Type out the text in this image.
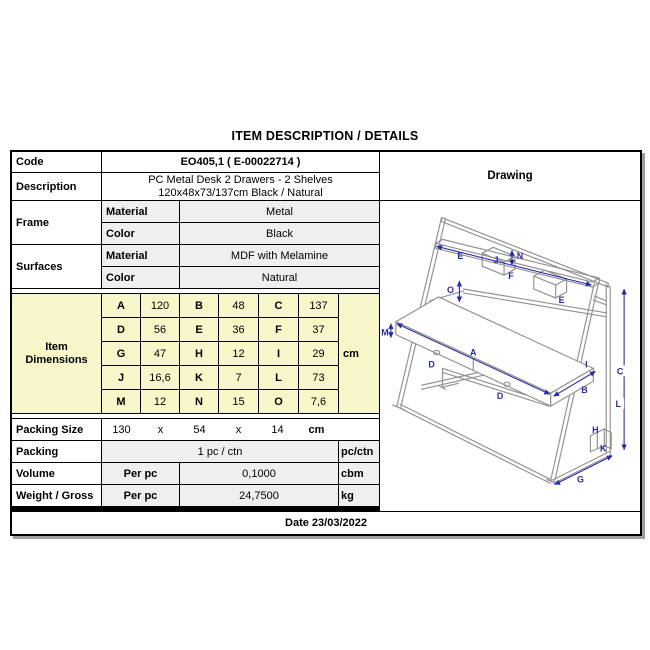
ITEM DESCRIPTION / DETAILS
Code	EO405,1 ( E-00022714 )
Description
PC Metal Desk 2 Drawers - 2 Shelves
120x48x73/137cm Black / Natural
Frame
Material	Metal
Color	Black
Surfaces
Material	MDF with Melamine
Color	Natural
Item Dimensions
A	120	B	48	C	137
D	56	E	36	F	37
G	47	H	12	I	29
J	16,6	K	7	L	73
M	12	N	15	O	7,6
cm
Packing Size	130	x	54	x	14	cm
Packing	1 pc / ctn	pc/ctn
Volume	Per pc	0,1000	cbm
Weight / Gross	Per pc	24,7500	kg
Drawing
E	J N
F
O
E
M
A
D
D
I
C
B
L
H
K
G
Date 23/03/2022
